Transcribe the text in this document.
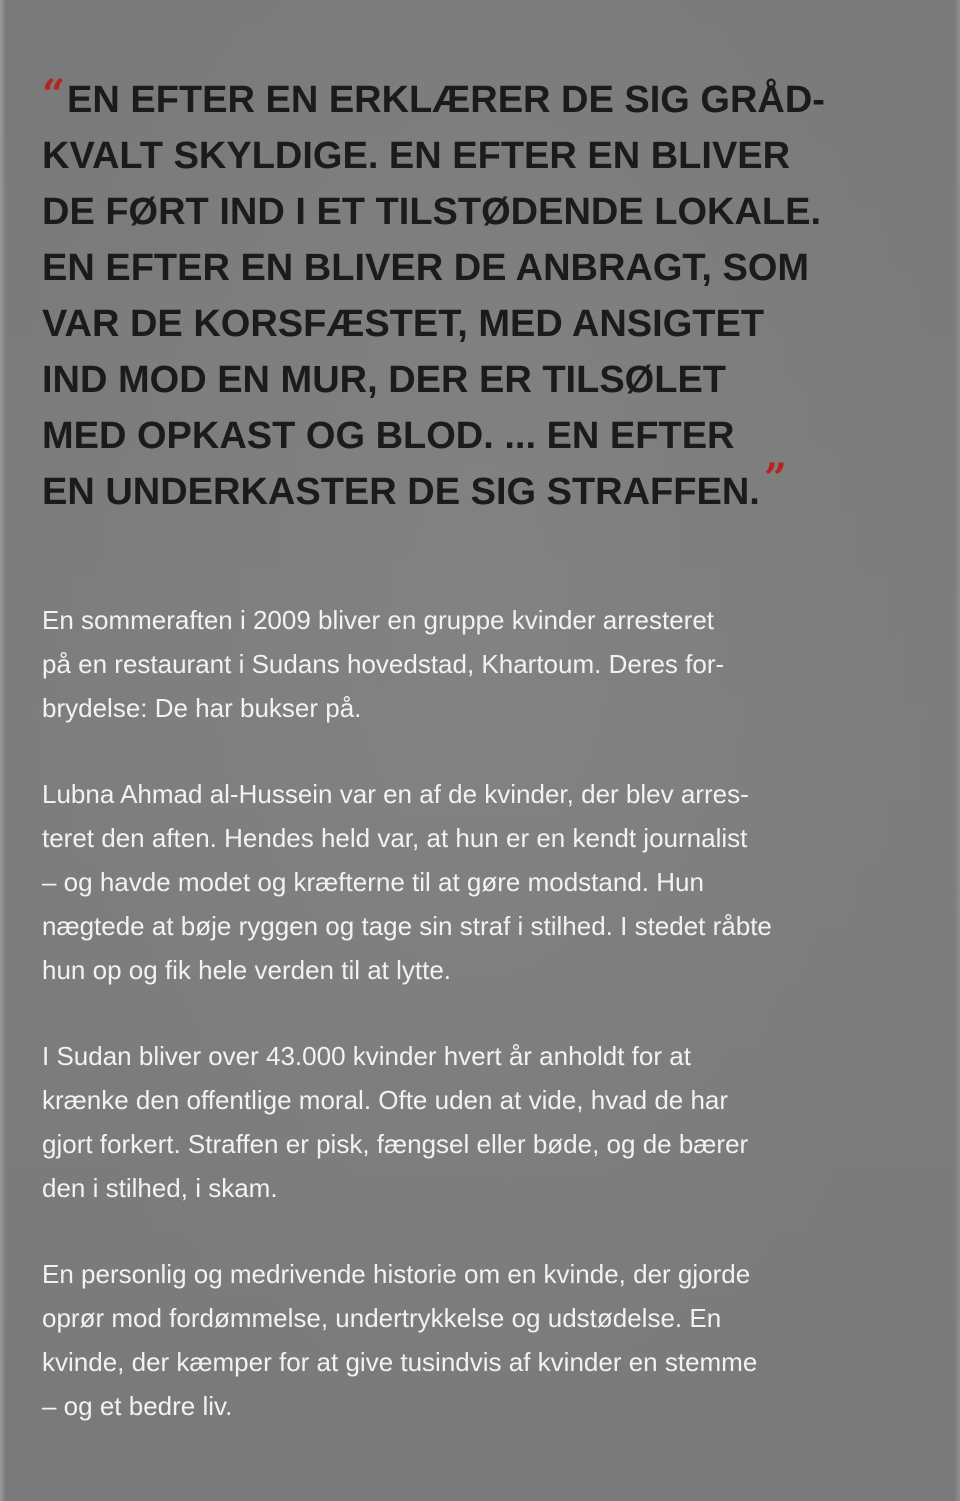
“EN EFTER EN ERKLÆRER DE SIG GRÅD-
KVALT SKYLDIGE. EN EFTER EN BLIVER
DE FØRT IND I ET TILSTØDENDE LOKALE.
EN EFTER EN BLIVER DE ANBRAGT, SOM
VAR DE KORSFÆSTET, MED ANSIGTET
IND MOD EN MUR, DER ER TILSØLET
MED OPKAST OG BLOD. ... EN EFTER
EN UNDERKASTER DE SIG STRAFFEN. ”

En sommeraften i 2009 bliver en gruppe kvinder arresteret
på en restaurant i Sudans hovedstad, Khartoum. Deres for-
brydelse: De har bukser på.

Lubna Ahmad al-Hussein var en af de kvinder, der blev arres-
teret den aften. Hendes held var, at hun er en kendt journalist
– og havde modet og kræfterne til at gøre modstand. Hun
nægtede at bøje ryggen og tage sin straf i stilhed. I stedet råbte
hun op og fik hele verden til at lytte.

I Sudan bliver over 43.000 kvinder hvert år anholdt for at
krænke den offentlige moral. Ofte uden at vide, hvad de har
gjort forkert. Straffen er pisk, fængsel eller bøde, og de bærer
den i stilhed, i skam.

En personlig og medrivende historie om en kvinde, der gjorde
oprør mod fordømmelse, undertrykkelse og udstødelse. En
kvinde, der kæmper for at give tusindvis af kvinder en stemme
– og et bedre liv.
